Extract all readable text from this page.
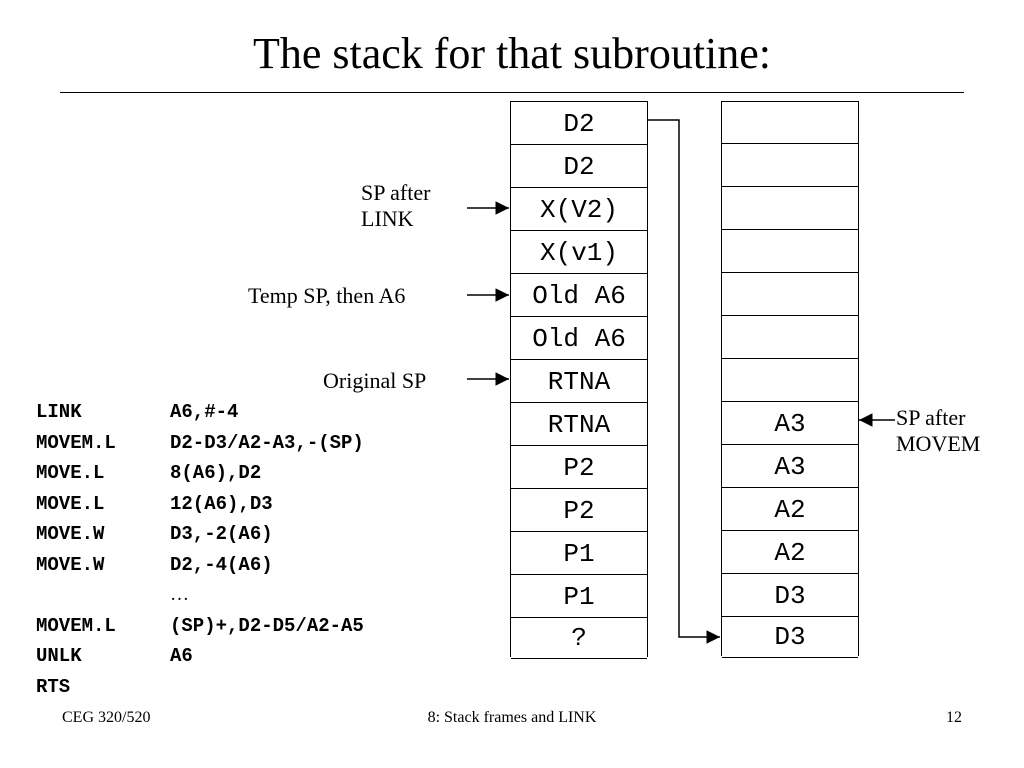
The stack for that subroutine:
D2
D2
X(V2)
X(v1)
Old A6
Old A6
RTNA
RTNA
P2
P2
P1
P1
?
A3
A3
A2
A2
D3
D3
SP after
LINK
Temp SP, then A6
Original SP
SP after
MOVEM
LINK	A6,#-4
MOVEM.L	D2-D3/A2-A3,-(SP)
MOVE.L	8(A6),D2
MOVE.L	12(A6),D3
MOVE.W	D3,-2(A6)
MOVE.W	D2,-4(A6)
…
MOVEM.L	(SP)+,D2-D5/A2-A5
UNLK	A6
RTS
CEG 320/520	8: Stack frames and LINK	12
